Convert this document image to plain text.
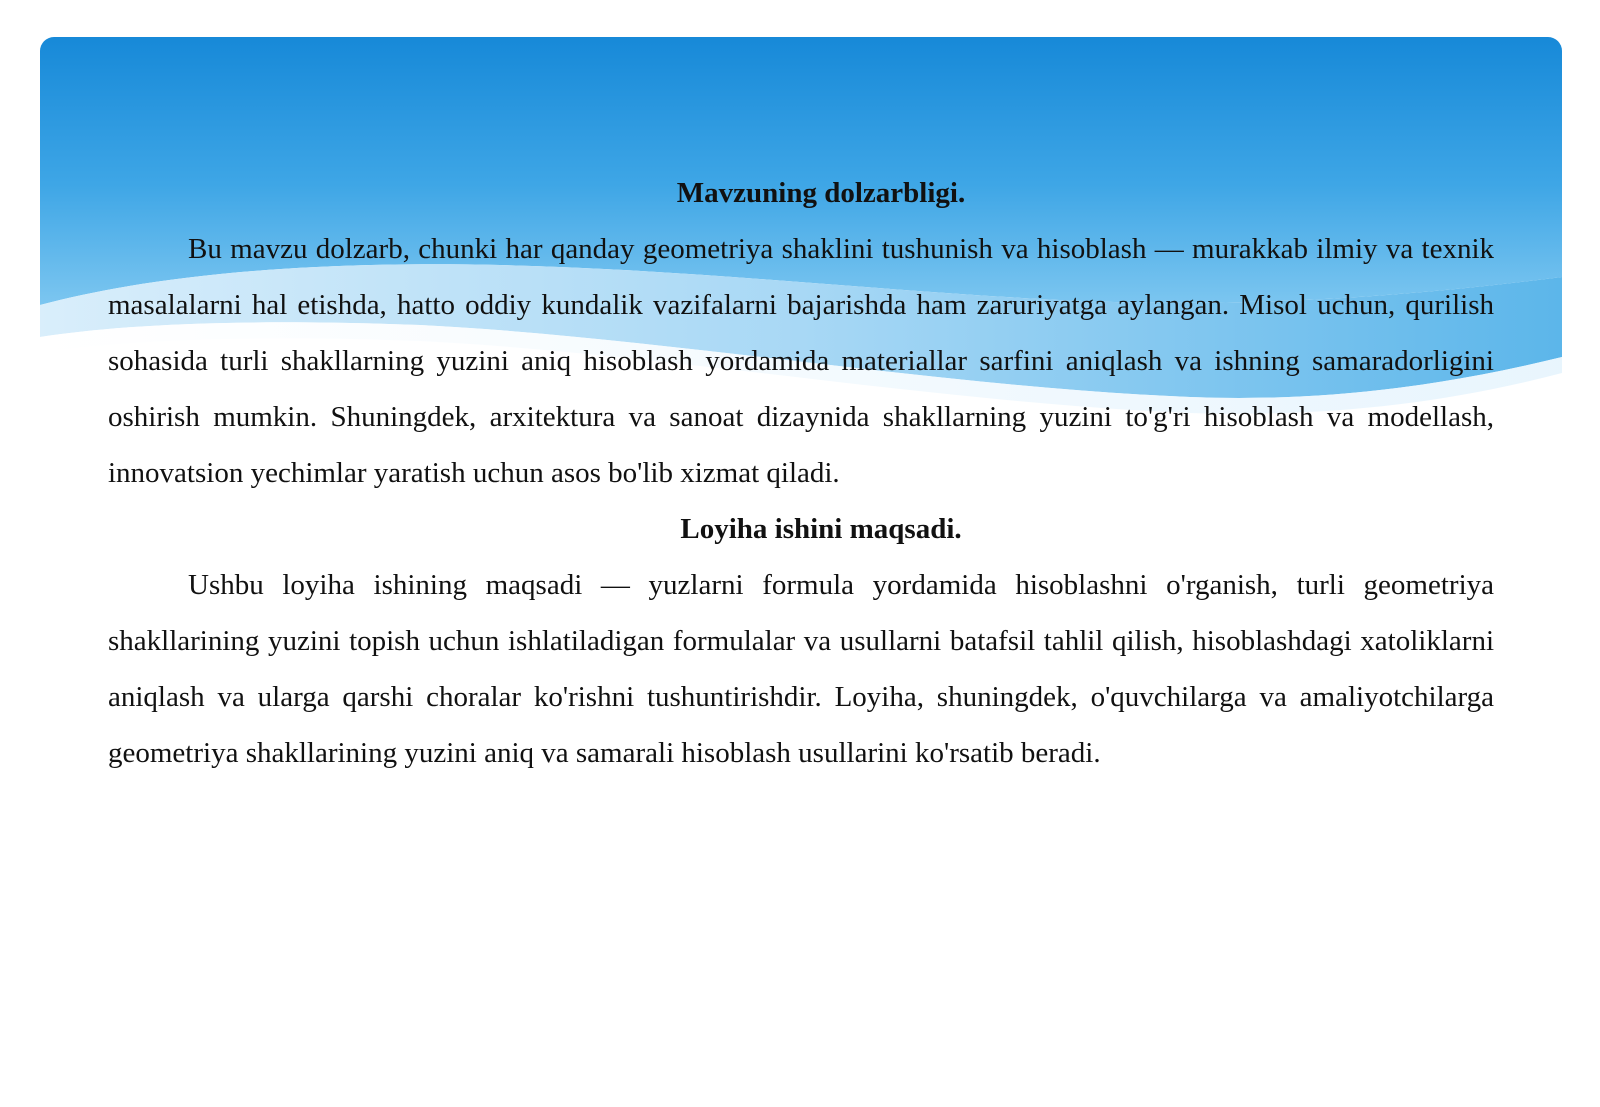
Mavzuning dolzarbligi.

Bu mavzu dolzarb, chunki har qanday geometriya shaklini tushunish va hisoblash — murakkab ilmiy va texnik masalalarni hal etishda, hatto oddiy kundalik vazifalarni bajarishda ham zaruriyatga aylangan. Misol uchun, qurilish sohasida turli shakllarning yuzini aniq hisoblash yordamida materiallar sarfini aniqlash va ishning samaradorligini oshirish mumkin. Shuningdek, arxitektura va sanoat dizaynida shakllarning yuzini to'g'ri hisoblash va modellash, innovatsion yechimlar yaratish uchun asos bo'lib xizmat qiladi.

Loyiha ishini maqsadi.

Ushbu loyiha ishining maqsadi — yuzlarni formula yordamida hisoblashni o'rganish, turli geometriya shakllarining yuzini topish uchun ishlatiladigan formulalar va usullarni batafsil tahlil qilish, hisoblashdagi xatoliklarni aniqlash va ularga qarshi choralar ko'rishni tushuntirishdir. Loyiha, shuningdek, o'quvchilarga va amaliyotchilarga geometriya shakllarining yuzini aniq va samarali hisoblash usullarini ko'rsatib beradi.
